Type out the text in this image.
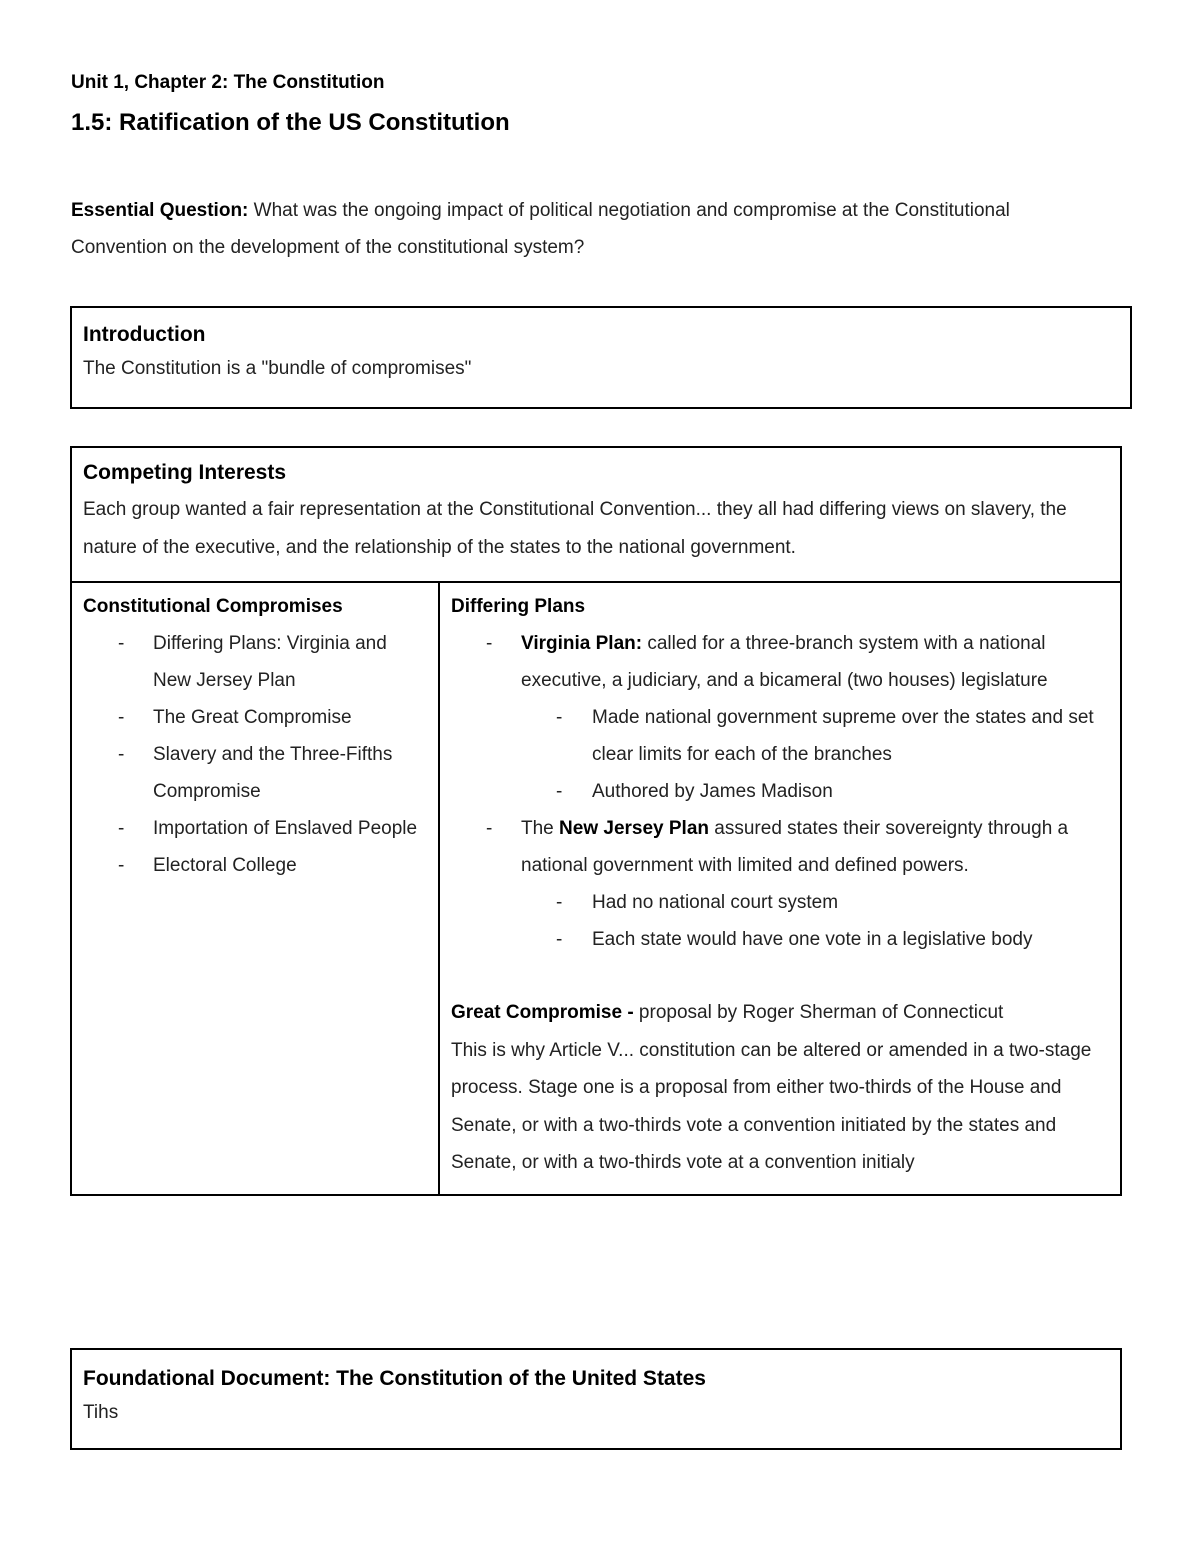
Unit 1, Chapter 2: The Constitution
1.5: Ratification of the US Constitution
Essential Question: What was the ongoing impact of political negotiation and compromise at the Constitutional Convention on the development of the constitutional system?
Introduction
The Constitution is a "bundle of compromises"
Competing Interests
Each group wanted a fair representation at the Constitutional Convention... they all had differing views on slavery, the nature of the executive, and the relationship of the states to the national government.

Constitutional Compromises
- Differing Plans: Virginia and New Jersey Plan
- The Great Compromise
- Slavery and the Three-Fifths Compromise
- Importation of Enslaved People
- Electoral College

Differing Plans
- Virginia Plan: called for a three-branch system with a national executive, a judiciary, and a bicameral (two houses) legislature
- Made national government supreme over the states and set clear limits for each of the branches
- Authored by James Madison
- The New Jersey Plan assured states their sovereignty through a national government with limited and defined powers.
- Had no national court system
- Each state would have one vote in a legislative body
Great Compromise - proposal by Roger Sherman of Connecticut
This is why Article V... constitution can be altered or amended in a two-stage process. Stage one is a proposal from either two-thirds of the House and Senate, or with a two-thirds vote a convention initiated by the states and Senate, or with a two-thirds vote at a convention initialy
Foundational Document: The Constitution of the United States
Tihs
